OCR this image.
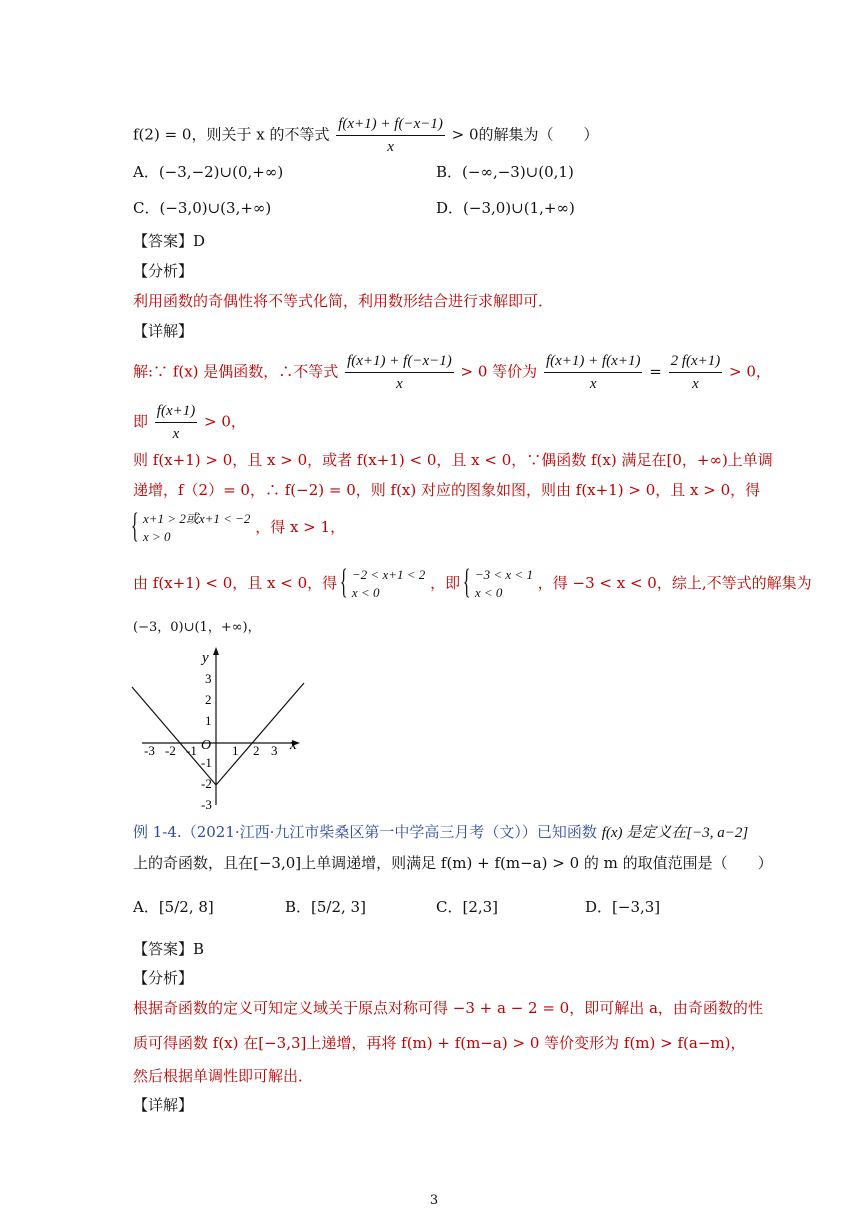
f(2) = 0，则关于 x 的不等式 $\frac{f(x+1) + f(-x-1)}{x} > 0$的解集为（　　）
A．(−3,−2)∪(0,+∞)	B．(−∞,−3)∪(0,1)
C．(−3,0)∪(3,+∞)	D．(−3,0)∪(1,+∞)
【答案】D
【分析】
利用函数的奇偶性将不等式化简，利用数形结合进行求解即可．
【详解】
解:∵ f(x) 是偶函数，∴不等式 $\frac{f(x+1) + f(-x-1)}{x} > 0$ 等价为 $\frac{f(x+1) + f(x+1)}{x} = \frac{2 f(x+1)}{x} > 0$，
即 $\frac{f(x+1)}{x} > 0$，
则 f(x+1) > 0，且 x > 0，或者 f(x+1) < 0，且 x < 0，∵偶函数 f(x) 满足在[0，+∞)上单调
递增，f（2）= 0，∴ f(−2) = 0，则 f(x) 对应的图象如图，则由 f(x+1) > 0，且 x > 0，得
{ x+1 > 2或x+1 < −2
x > 0
，得 x > 1，
由 f(x+1) < 0，且 x < 0，得 { −2 < x+1 < 2
x < 0
，即 { −3 < x < 1
x < 0
，得 −3 < x < 0，综上,不等式的解集为
(−3，0)∪(1，+∞)，
y
x
O
-3 -2 -1	1 2 3
3
2
1
-1
-2
-3
例 1-4.（2021·江西·九江市柴桑区第一中学高三月考（文））已知函数 f(x) 是定义在[−3, a−2]
上的奇函数，且在[−3,0]上单调递增，则满足 f(m) + f(m−a) > 0 的 m 的取值范围是（　　）
A．[5/2, 8]	B．[5/2, 3]	C．[2,3]	D．[−3,3]
【答案】B
【分析】
根据奇函数的定义可知定义域关于原点对称可得 −3 + a − 2 = 0，即可解出 a，由奇函数的性
质可得函数 f(x) 在[−3,3]上递增，再将 f(m) + f(m−a) > 0 等价变形为 f(m) > f(a−m)，
然后根据单调性即可解出．
【详解】
3
